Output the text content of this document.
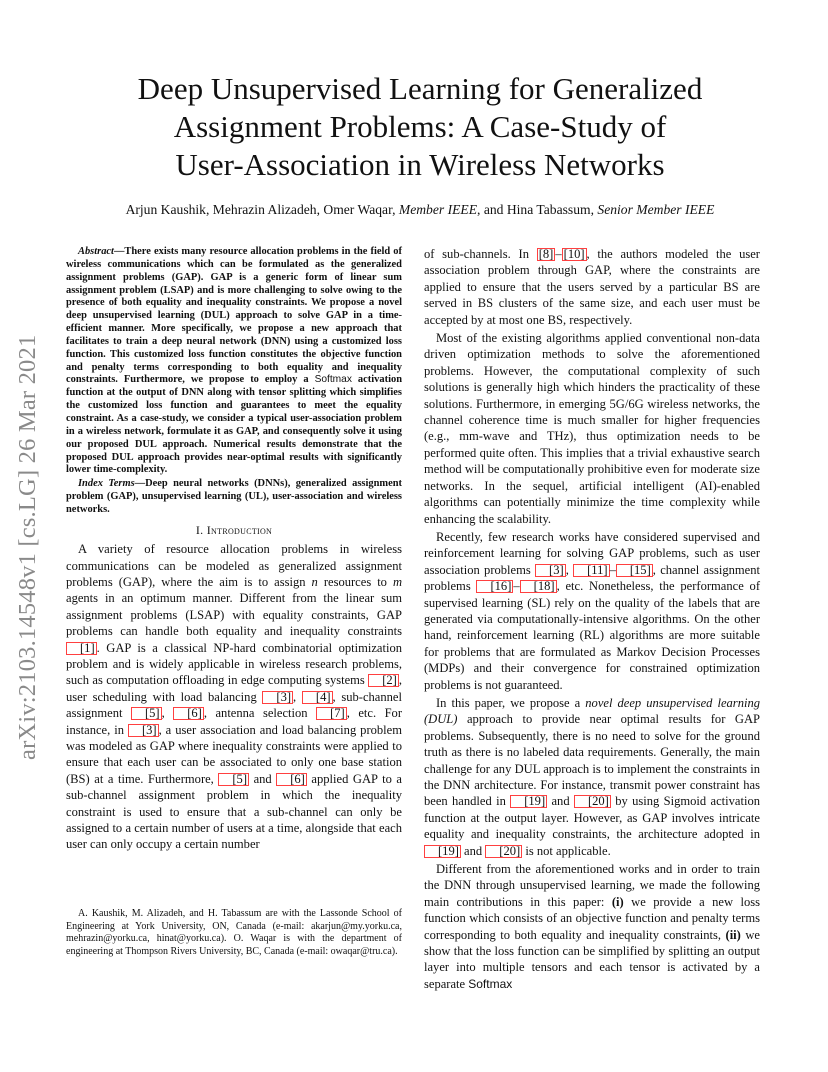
arXiv:2103.14548v1 [cs.LG] 26 Mar 2021
Deep Unsupervised Learning for Generalized
Assignment Problems: A Case-Study of
User-Association in Wireless Networks
Arjun Kaushik, Mehrazin Alizadeh, Omer Waqar, Member IEEE, and Hina Tabassum, Senior Member IEEE
Abstract—There exists many resource allocation problems in the field of wireless communications which can be formulated as the generalized assignment problems (GAP). GAP is a generic form of linear sum assignment problem (LSAP) and is more challenging to solve owing to the presence of both equality and inequality constraints. We propose a novel deep unsupervised learning (DUL) approach to solve GAP in a time-efficient manner. More specifically, we propose a new approach that facilitates to train a deep neural network (DNN) using a customized loss function. This customized loss function constitutes the objective function and penalty terms corresponding to both equality and inequality constraints. Furthermore, we propose to employ a Softmax activation function at the output of DNN along with tensor splitting which simplifies the customized loss function and guarantees to meet the equality constraint. As a case-study, we consider a typical user-association problem in a wireless network, formulate it as GAP, and consequently solve it using our proposed DUL approach. Numerical results demonstrate that the proposed DUL approach provides near-optimal results with significantly lower time-complexity.
Index Terms—Deep neural networks (DNNs), generalized assignment problem (GAP), unsupervised learning (UL), user-association and wireless networks.
I. Introduction

A variety of resource allocation problems in wireless communications can be modeled as generalized assignment problems (GAP), where the aim is to assign n resources to m agents in an optimum manner. Different from the linear sum assignment problems (LSAP) with equality constraints, GAP problems can handle both equality and inequality constraints [1] . GAP is a classical NP-hard combinatorial optimization problem and is widely applicable in wireless research problems, such as computation offloading in edge computing systems [2] , user scheduling with load balancing [3] , [4] , sub-channel assignment [5] , [6] , antenna selection [7] , etc. For instance, in [3] , a user association and load balancing problem was modeled as GAP where inequality constraints were applied to ensure that each user can be associated to only one base station (BS) at a time. Furthermore, [5] and [6] applied GAP to a sub-channel assignment problem in which the inequality constraint is used to ensure that a sub-channel can only be assigned to a certain number of users at a time, alongside that each user can only occupy a certain number

of sub-channels. In [8] – [10] , the authors modeled the user association problem through GAP, where the constraints are applied to ensure that the users served by a particular BS are served in BS clusters of the same size, and each user must be accepted by at most one BS, respectively.

Most of the existing algorithms applied conventional non-data driven optimization methods to solve the aforementioned problems. However, the computational complexity of such solutions is generally high which hinders the practicality of these solutions. Furthermore, in emerging 5G/6G wireless networks, the channel coherence time is much smaller for higher frequencies (e.g., mm-wave and THz), thus optimization needs to be performed quite often. This implies that a trivial exhaustive search method will be computationally prohibitive even for moderate size networks. In the sequel, artificial intelligent (AI)-enabled algorithms can potentially minimize the time complexity while enhancing the scalability.

Recently, few research works have considered supervised and reinforcement learning for solving GAP problems, such as user association problems [3] , [11] – [15] , channel assignment problems [16] – [18] , etc. Nonetheless, the performance of supervised learning (SL) rely on the quality of the labels that are generated via computationally-intensive algorithms. On the other hand, reinforcement learning (RL) algorithms are more suitable for problems that are formulated as Markov Decision Processes (MDPs) and their convergence for constrained optimization problems is not guaranteed.

In this paper, we propose a novel deep unsupervised learning (DUL) approach to provide near optimal results for GAP problems. Subsequently, there is no need to solve for the ground truth as there is no labeled data requirements. Generally, the main challenge for any DUL approach is to implement the constraints in the DNN architecture. For instance, transmit power constraint has been handled in [19] and [20] by using Sigmoid activation function at the output layer. However, as GAP involves intricate equality and inequality constraints, the architecture adopted in [19] and [20] is not applicable.

Different from the aforementioned works and in order to train the DNN through unsupervised learning, we made the following main contributions in this paper: (i) we provide a new loss function which consists of an objective function and penalty terms corresponding to both equality and inequality constraints, (ii) we show that the loss function can be simplified by splitting an output layer into multiple tensors and each tensor is activated by a separate Softmax

A. Kaushik, M. Alizadeh, and H. Tabassum are with the Lassonde School of Engineering at York University, ON, Canada (e-mail: akarjun@my.yorku.ca, mehrazin@yorku.ca, hinat@yorku.ca). O. Waqar is with the department of engineering at Thompson Rivers University, BC, Canada (e-mail: owaqar@tru.ca).
